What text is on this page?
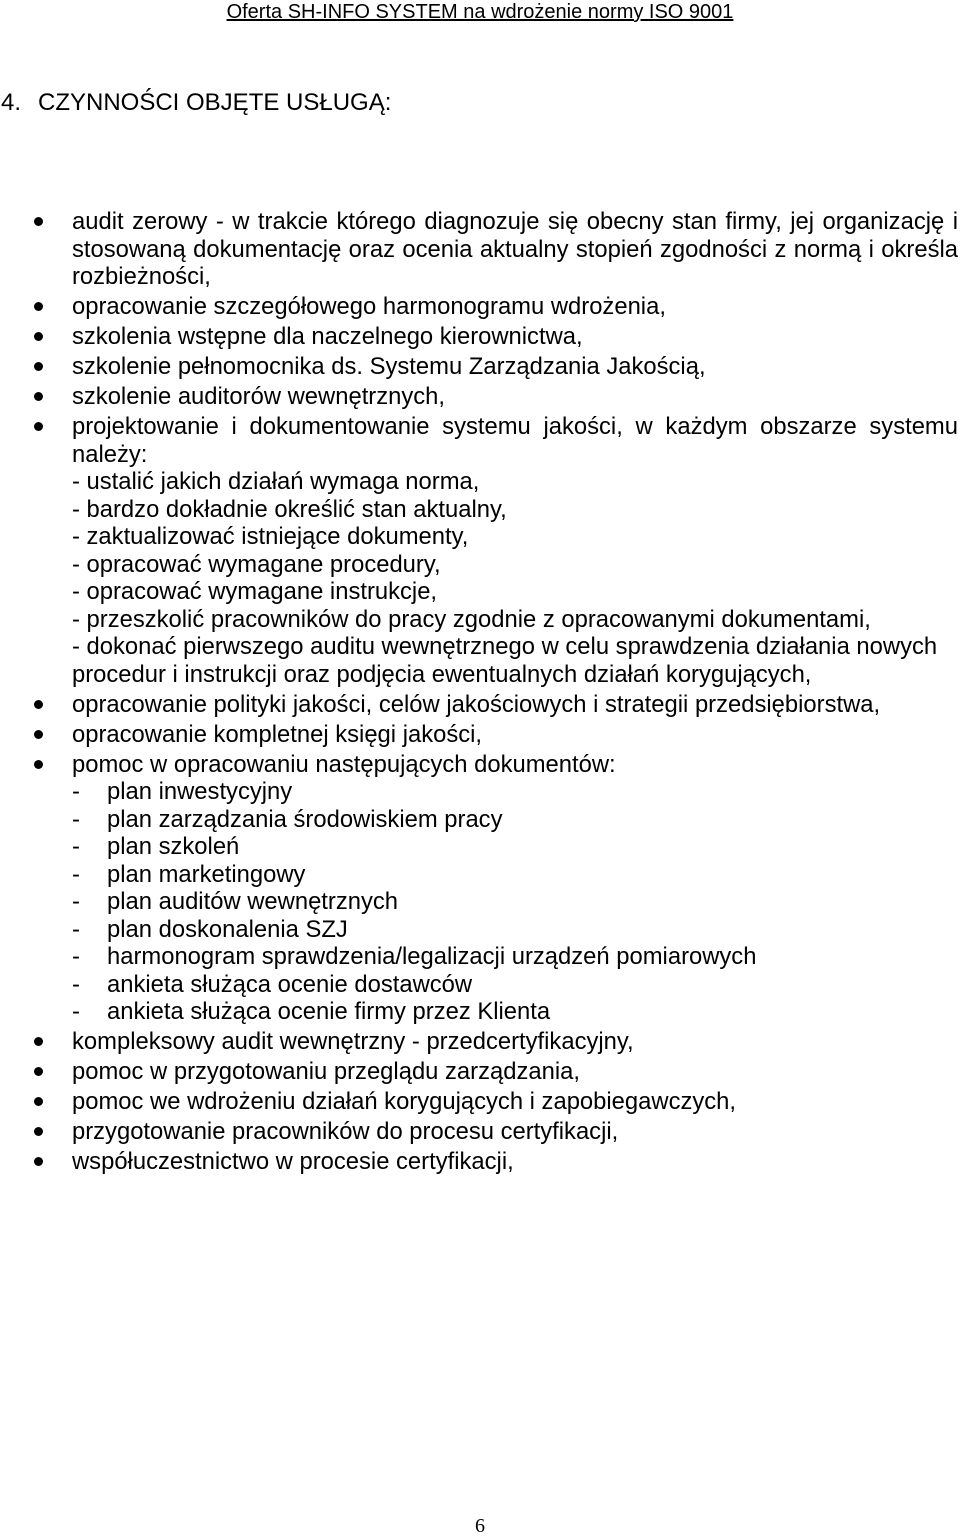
Oferta SH-INFO SYSTEM na wdrożenie normy ISO 9001
4. CZYNNOŚCI OBJĘTE USŁUGĄ:
audit zerowy - w trakcie którego diagnozuje się obecny stan firmy, jej organizację i
stosowaną dokumentację oraz ocenia aktualny stopień zgodności z normą i określa
rozbieżności,
opracowanie szczegółowego harmonogramu wdrożenia,
szkolenia wstępne dla naczelnego kierownictwa,
szkolenie pełnomocnika ds. Systemu Zarządzania Jakością,
szkolenie auditorów wewnętrznych,
projektowanie i dokumentowanie systemu jakości, w każdym obszarze systemu
należy:
- ustalić jakich działań wymaga norma,
- bardzo dokładnie określić stan aktualny,
- zaktualizować istniejące dokumenty,
- opracować wymagane procedury,
- opracować wymagane instrukcje,
- przeszkolić pracowników do pracy zgodnie z opracowanymi dokumentami,
- dokonać pierwszego auditu wewnętrznego w celu sprawdzenia działania nowych
procedur i instrukcji oraz podjęcia ewentualnych działań korygujących,
opracowanie polityki jakości, celów jakościowych i strategii przedsiębiorstwa,
opracowanie kompletnej księgi jakości,
pomoc w opracowaniu następujących dokumentów:
- plan inwestycyjny
- plan zarządzania środowiskiem pracy
- plan szkoleń
- plan marketingowy
- plan auditów wewnętrznych
- plan doskonalenia SZJ
- harmonogram sprawdzenia/legalizacji urządzeń pomiarowych
- ankieta służąca ocenie dostawców
- ankieta służąca ocenie firmy przez Klienta
kompleksowy audit wewnętrzny - przedcertyfikacyjny,
pomoc w przygotowaniu przeglądu zarządzania,
pomoc we wdrożeniu działań korygujących i zapobiegawczych,
przygotowanie pracowników do procesu certyfikacji,
współuczestnictwo w procesie certyfikacji,
6
